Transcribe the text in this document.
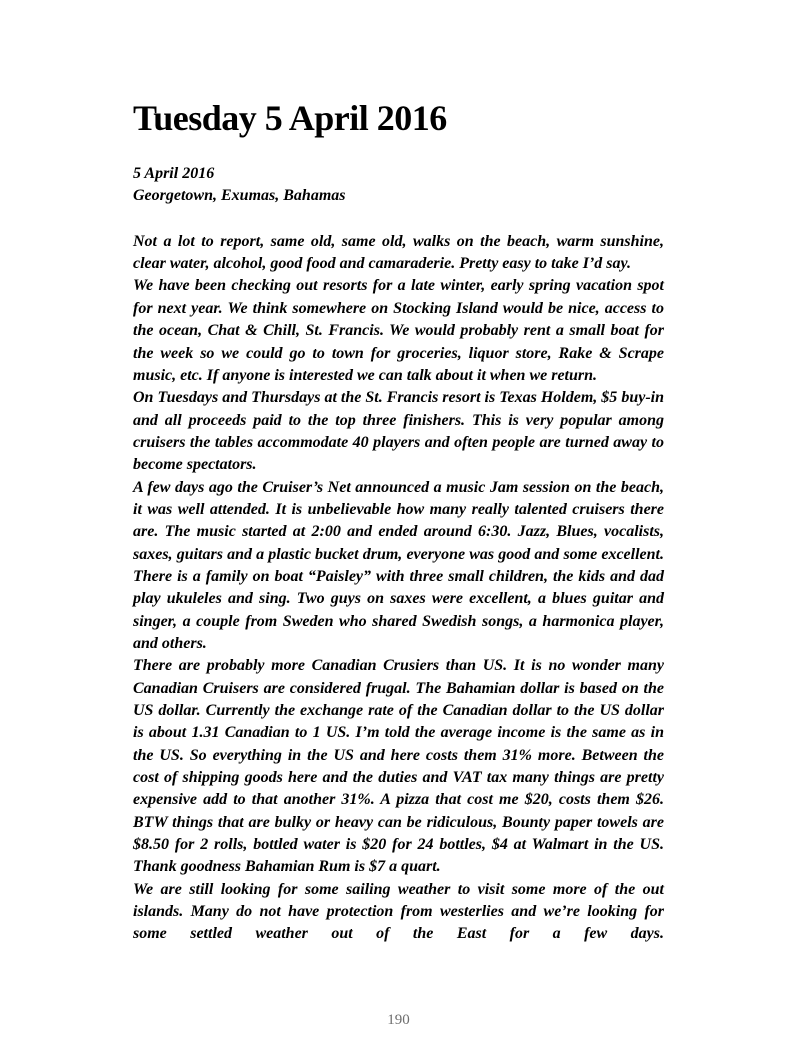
Tuesday 5 April 2016
5 April 2016
Georgetown, Exumas, Bahamas

Not a lot to report, same old, same old, walks on the beach, warm sunshine, clear water, alcohol, good food and camaraderie. Pretty easy to take I’d say.

We have been checking out resorts for a late winter, early spring vacation spot for next year. We think somewhere on Stocking Island would be nice, access to the ocean, Chat & Chill, St. Francis. We would probably rent a small boat for the week so we could go to town for groceries, liquor store, Rake & Scrape music, etc. If anyone is interested we can talk about it when we return.

On Tuesdays and Thursdays at the St. Francis resort is Texas Holdem, $5 buy-in and all proceeds paid to the top three finishers. This is very popular among cruisers the tables accommodate 40 players and often people are turned away to become spectators.

A few days ago the Cruiser’s Net announced a music Jam session on the beach, it was well attended. It is unbelievable how many really talented cruisers there are. The music started at 2:00 and ended around 6:30. Jazz, Blues, vocalists, saxes, guitars and a plastic bucket drum, everyone was good and some excellent. There is a family on boat “Paisley” with three small children, the kids and dad play ukuleles and sing. Two guys on saxes were excellent, a blues guitar and singer, a couple from Sweden who shared Swedish songs, a harmonica player, and others.

There are probably more Canadian Crusiers than US. It is no wonder many Canadian Cruisers are considered frugal. The Bahamian dollar is based on the US dollar. Currently the exchange rate of the Canadian dollar to the US dollar is about 1.31 Canadian to 1 US. I’m told the average income is the same as in the US. So everything in the US and here costs them 31% more. Between the cost of shipping goods here and the duties and VAT tax many things are pretty expensive add to that another 31%. A pizza that cost me $20, costs them $26. BTW things that are bulky or heavy can be ridiculous, Bounty paper towels are $8.50 for 2 rolls, bottled water is $20 for 24 bottles, $4 at Walmart in the US. Thank goodness Bahamian Rum is $7 a quart.

We are still looking for some sailing weather to visit some more of the out islands. Many do not have protection from westerlies and we’re looking for some settled weather out of the East for a few days.

190
